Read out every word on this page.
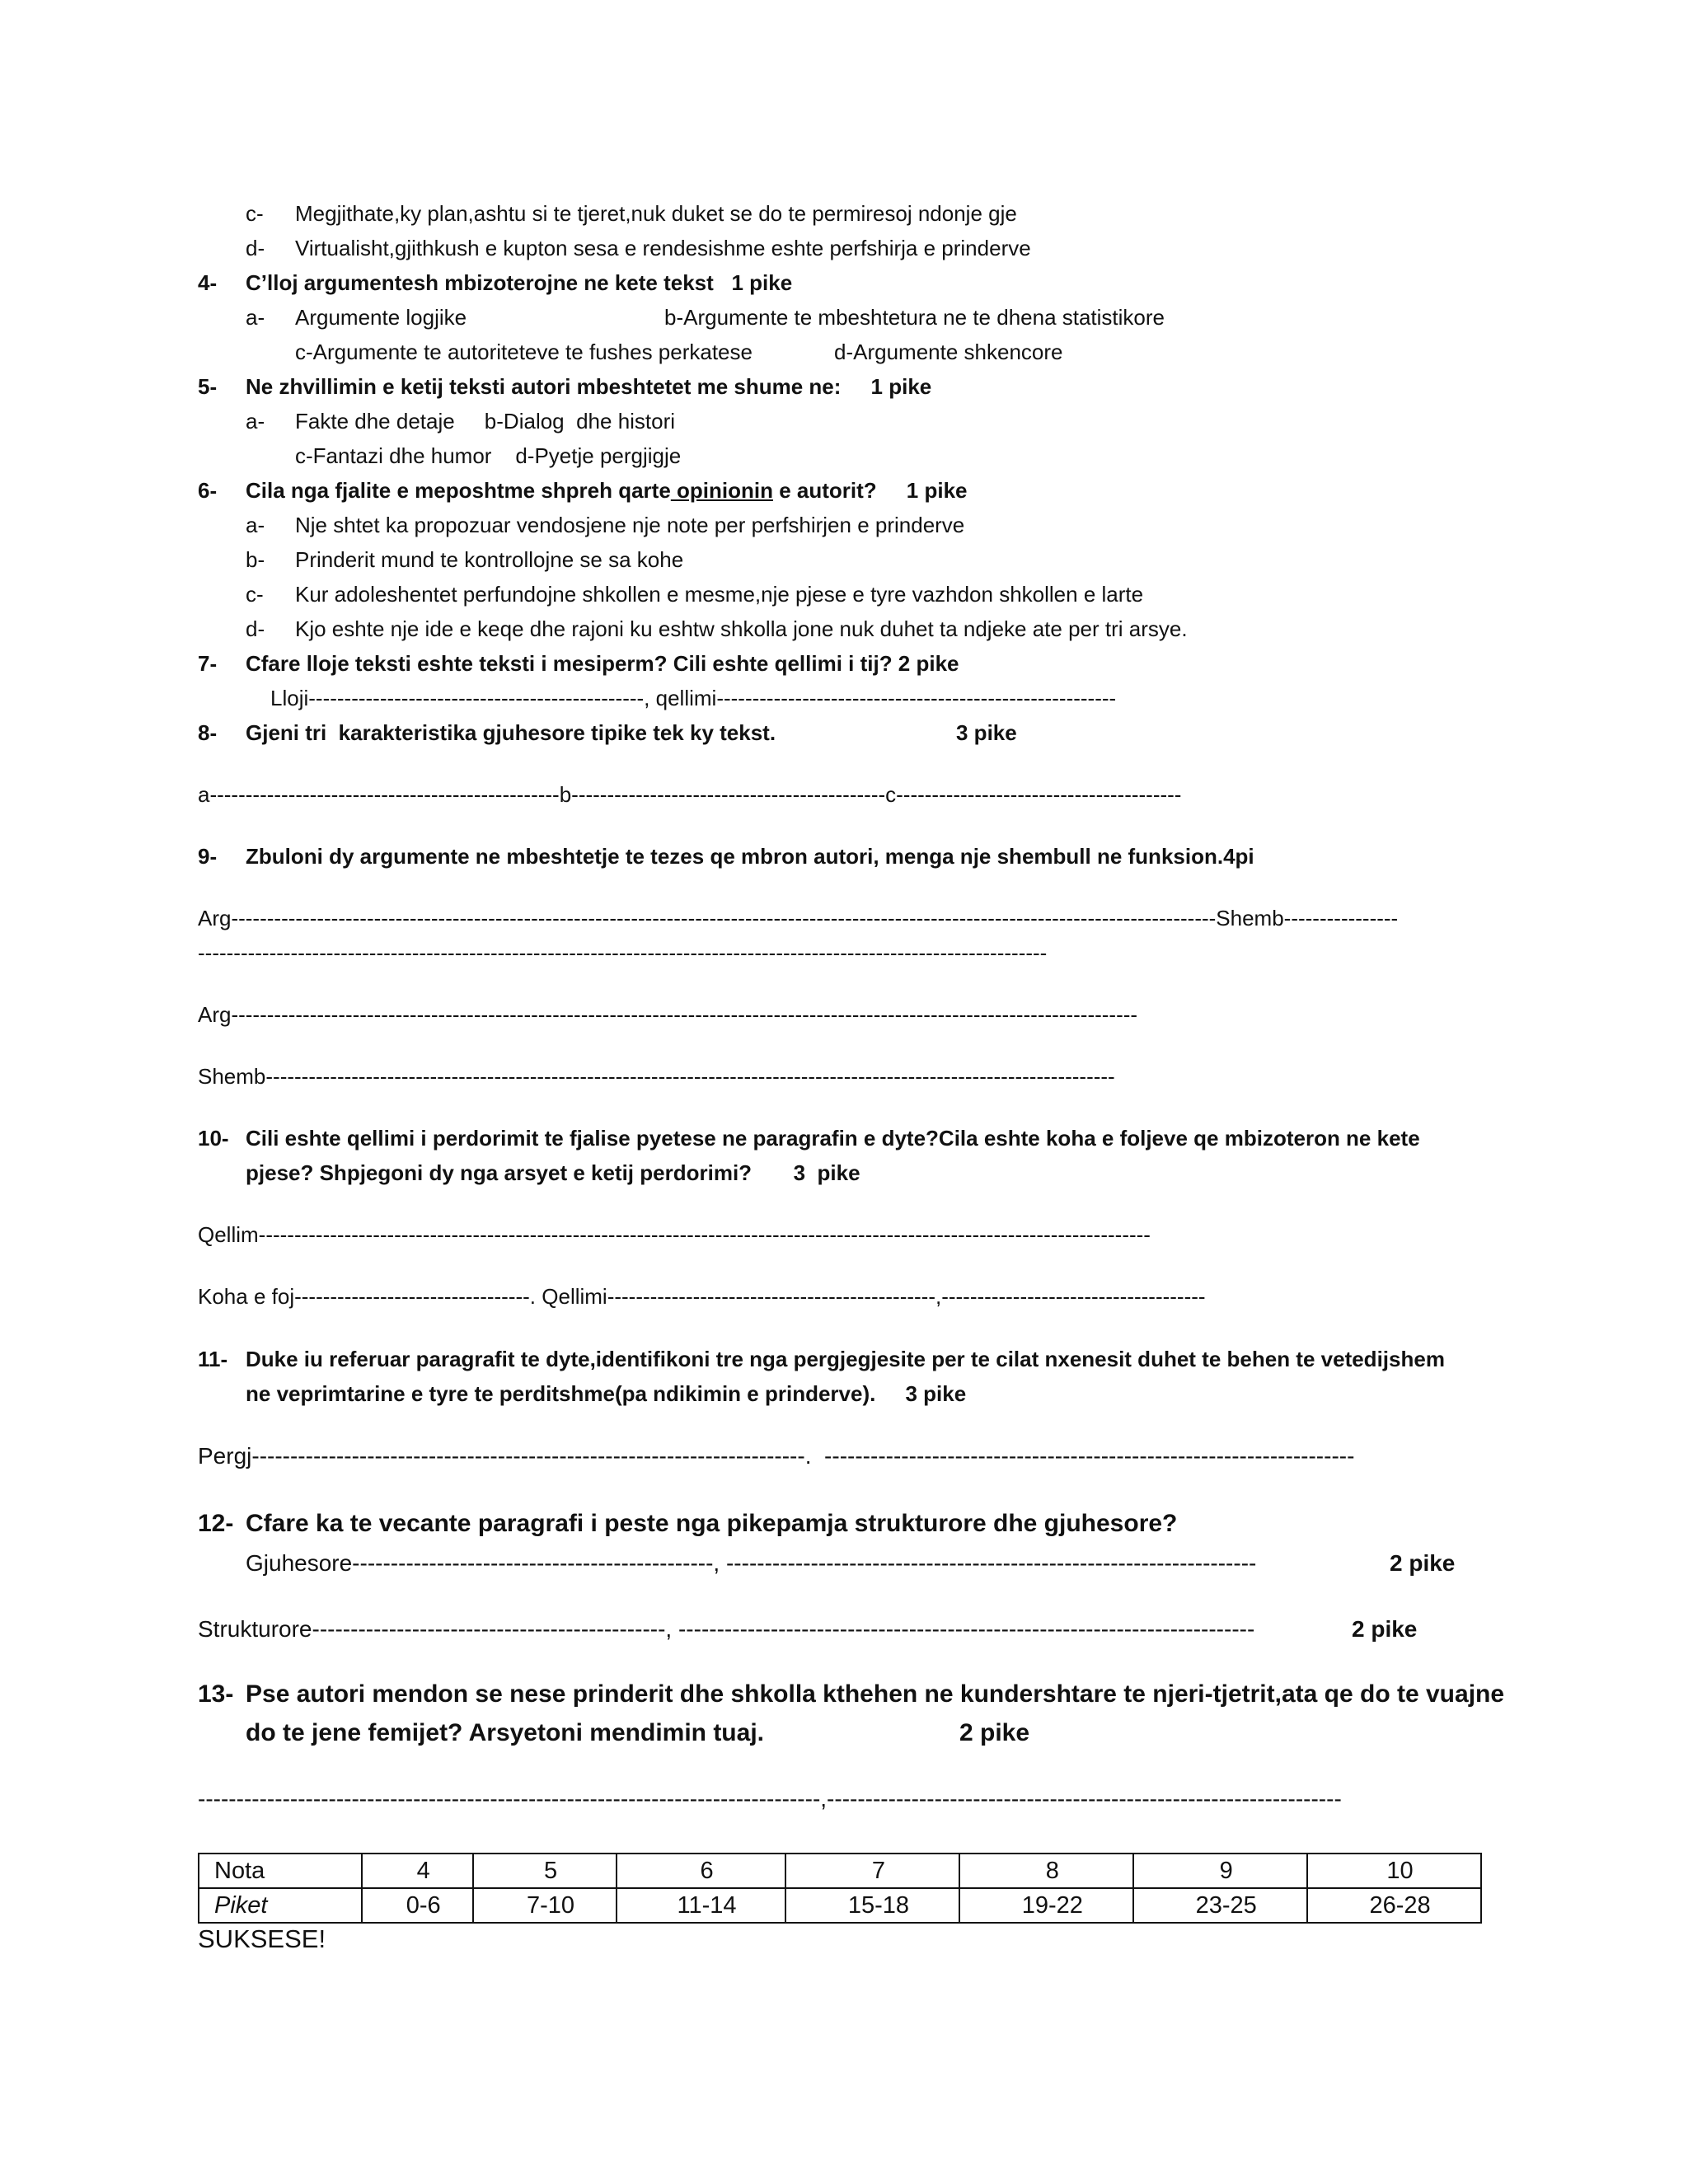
c- Megjithate,ky plan,ashtu si te tjeret,nuk duket se do te permiresoj ndonje gje
d- Virtualisht,gjithkush e kupton sesa e rendesishme eshte perfshirja e prinderve
4- C’lloj argumentesh mbizoterojne ne kete tekst   1 pike
a- Argumente logjike	b-Argumente te mbeshtetura ne te dhena statistikore
c-Argumente te autoriteteve te fushes perkatese	d-Argumente shkencore
5- Ne zhvillimin e ketij teksti autori mbeshtetet me shume ne:     1 pike
a- Fakte dhe detaje     b-Dialog  dhe histori
c-Fantazi dhe humor    d-Pyetje pergjigje
6- Cila nga fjalite e meposhtme shpreh qarte opinionin e autorit?     1 pike
a- Nje shtet ka propozuar vendosjene nje note per perfshirjen e prinderve
b- Prinderit mund te kontrollojne se sa kohe
c- Kur adoleshentet perfundojne shkollen e mesme,nje pjese e tyre vazhdon shkollen e larte
d- Kjo eshte nje ide e keqe dhe rajoni ku eshtw shkolla jone nuk duhet ta ndjeke ate per tri arsye.
7- Cfare lloje teksti eshte teksti i mesiperm? Cili eshte qellimi i tij? 2 pike
Lloji-----------------------------------------------, qellimi--------------------------------------------------------
8- Gjeni tri  karakteristika gjuhesore tipike tek ky tekst.	3 pike
a-------------------------------------------------b--------------------------------------------c----------------------------------------
9- Zbuloni dy argumente ne mbeshtetje te tezes qe mbron autori, menga nje shembull ne funksion.4pi
Arg------------------------------------------------------------------------------------------------------------------------------------------Shemb----------------
-----------------------------------------------------------------------------------------------------------------------
Arg-------------------------------------------------------------------------------------------------------------------------------
Shemb-----------------------------------------------------------------------------------------------------------------------
10- Cili eshte qellimi i perdorimit te fjalise pyetese ne paragrafin e dyte?Cila eshte koha e foljeve qe mbizoteron ne kete
pjese? Shpjegoni dy nga arsyet e ketij perdorimi?       3  pike
Qellim-----------------------------------------------------------------------------------------------------------------------------
Koha e foj---------------------------------. Qellimi----------------------------------------------,-------------------------------------
11- Duke iu referuar paragrafit te dyte,identifikoni tre nga pergjegjesite per te cilat nxenesit duhet te behen te vetedijshem
ne veprimtarine e tyre te perditshme(pa ndikimin e prinderve).     3 pike
Pergj------------------------------------------------------------------------.  ---------------------------------------------------------------------
12- Cfare ka te vecante paragrafi i peste nga pikepamja strukturore dhe gjuhesore?
Gjuhesore-----------------------------------------------, ---------------------------------------------------------------------	2 pike
Strukturore----------------------------------------------, ---------------------------------------------------------------------------	2 pike
13- Pse autori mendon se nese prinderit dhe shkolla kthehen ne kundershtare te njeri-tjetrit,ata qe do te vuajne
do te jene femijet? Arsyetoni mendimin tuaj.	2 pike
---------------------------------------------------------------------------------,-------------------------------------------------------------------
Nota	4	5	6	7	8	9	10
Piket	0-6	7-10	11-14	15-18	19-22	23-25	26-28
SUKSESE!
